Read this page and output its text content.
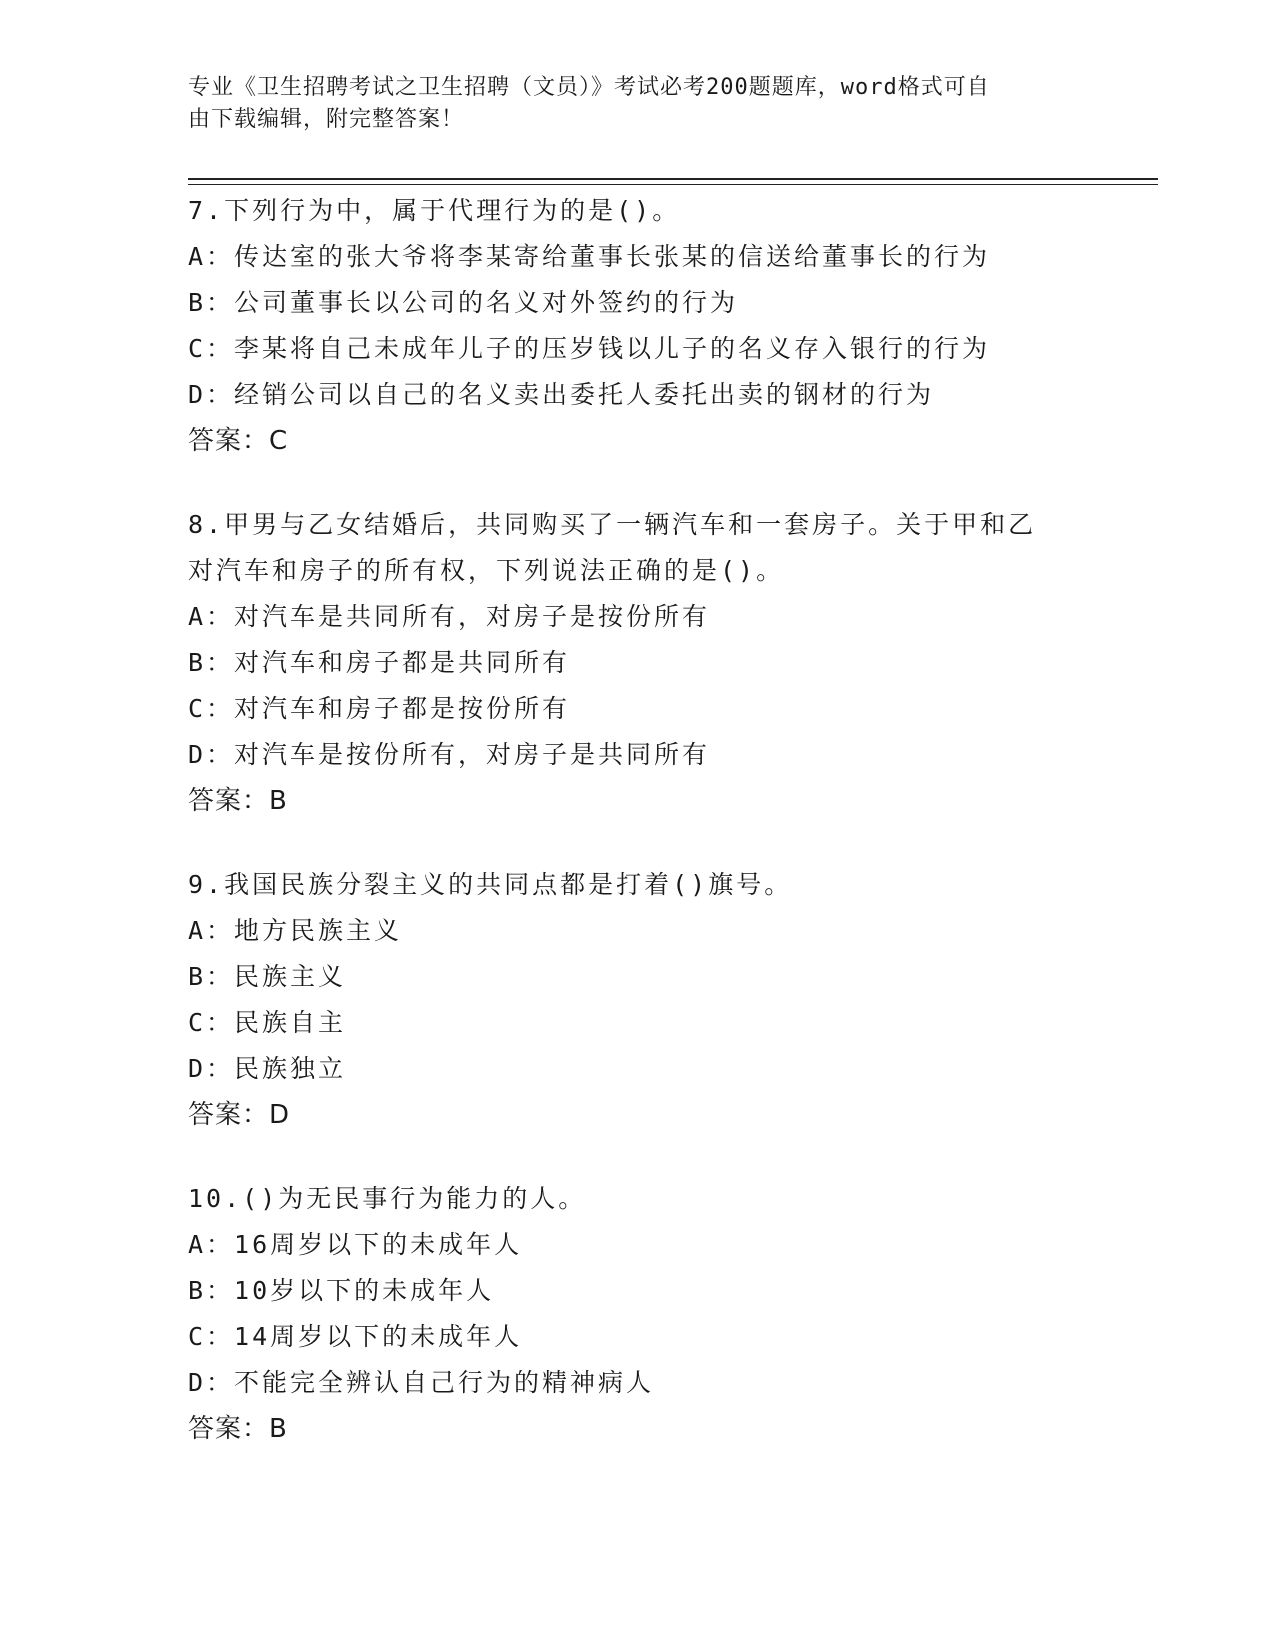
专业《卫生招聘考试之卫生招聘（文员）》考试必考200题题库，word格式可自
由下载编辑，附完整答案！
7.下列行为中，属于代理行为的是()。
A：传达室的张大爷将李某寄给董事长张某的信送给董事长的行为
B：公司董事长以公司的名义对外签约的行为
C：李某将自己未成年儿子的压岁钱以儿子的名义存入银行的行为
D：经销公司以自己的名义卖出委托人委托出卖的钢材的行为
答案：C
8.甲男与乙女结婚后，共同购买了一辆汽车和一套房子。关于甲和乙
对汽车和房子的所有权，下列说法正确的是()。
A：对汽车是共同所有，对房子是按份所有
B：对汽车和房子都是共同所有
C：对汽车和房子都是按份所有
D：对汽车是按份所有，对房子是共同所有
答案：B
9.我国民族分裂主义的共同点都是打着()旗号。
A：地方民族主义
B：民族主义
C：民族自主
D：民族独立
答案：D
10.()为无民事行为能力的人。
A：16周岁以下的未成年人
B：10岁以下的未成年人
C：14周岁以下的未成年人
D：不能完全辨认自己行为的精神病人
答案：B
